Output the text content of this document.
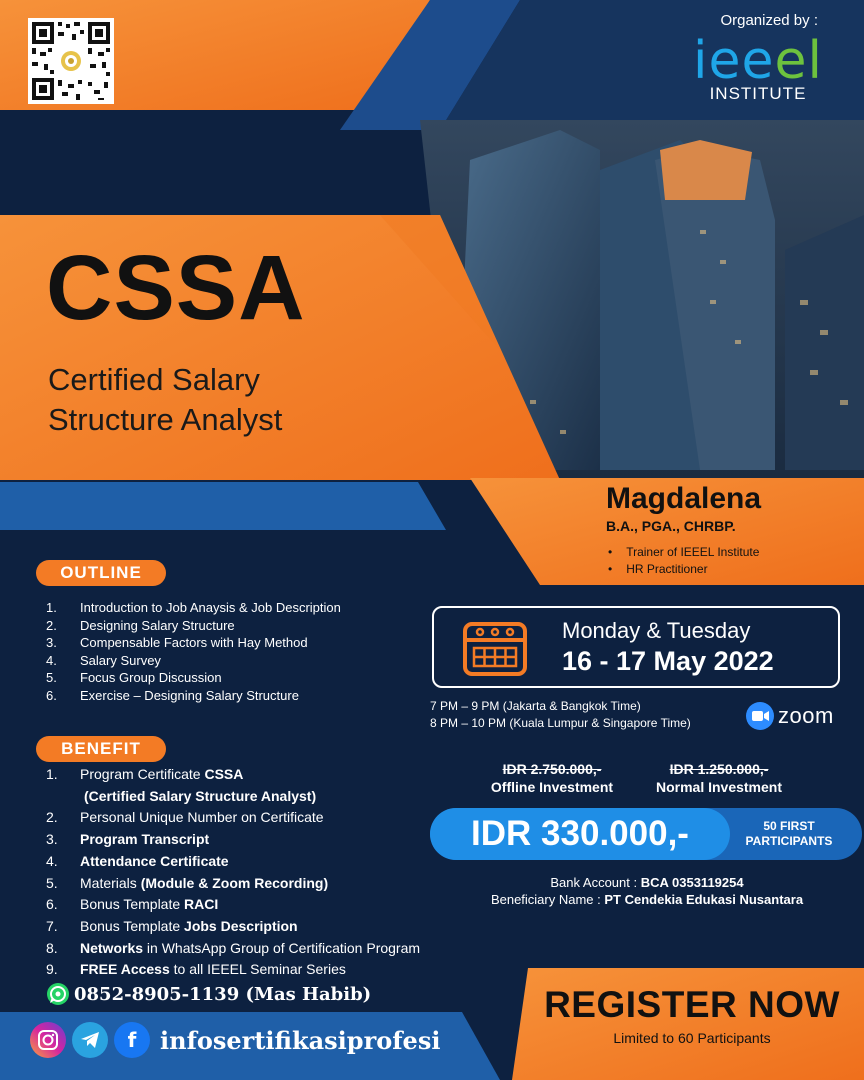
Organized by :
ieeel
INSTITUTE
CSSA
Certified Salary
Structure Analyst
Magdalena
B.A., PGA., CHRBP.
• Trainer of IEEEL Institute
• HR Practitioner
OUTLINE
1.	Introduction to Job Anaysis & Job Description
2.	Designing Salary Structure
3.	Compensable Factors with Hay Method
4.	Salary Survey
5.	Focus Group Discussion
6.	Exercise – Designing Salary Structure
BENEFIT
1.	Program Certificate CSSA
(Certified Salary Structure Analyst)
2.	Personal Unique Number on Certificate
3.	Program Transcript
4.	Attendance Certificate
5.	Materials (Module & Zoom Recording)
6.	Bonus Template RACI
7.	Bonus Template Jobs Description
8.	Networks in WhatsApp Group of Certification Program
9.	FREE Access to all IEEEL Seminar Series
Monday & Tuesday
16 - 17 May 2022
7 PM – 9 PM (Jakarta & Bangkok Time)
8 PM – 10 PM (Kuala Lumpur & Singapore Time)	zoom
IDR 2.750.000,-
Offline Investment
IDR 1.250.000,-
Normal Investment
IDR 330.000,-	50 FIRST
PARTICIPANTS
Bank Account : BCA 0353119254
Beneficiary Name : PT Cendekia Edukasi Nusantara
0852-8905-1139 (Mas Habib)
f infosertifikasiprofesi
REGISTER NOW
Limited to 60 Participants
